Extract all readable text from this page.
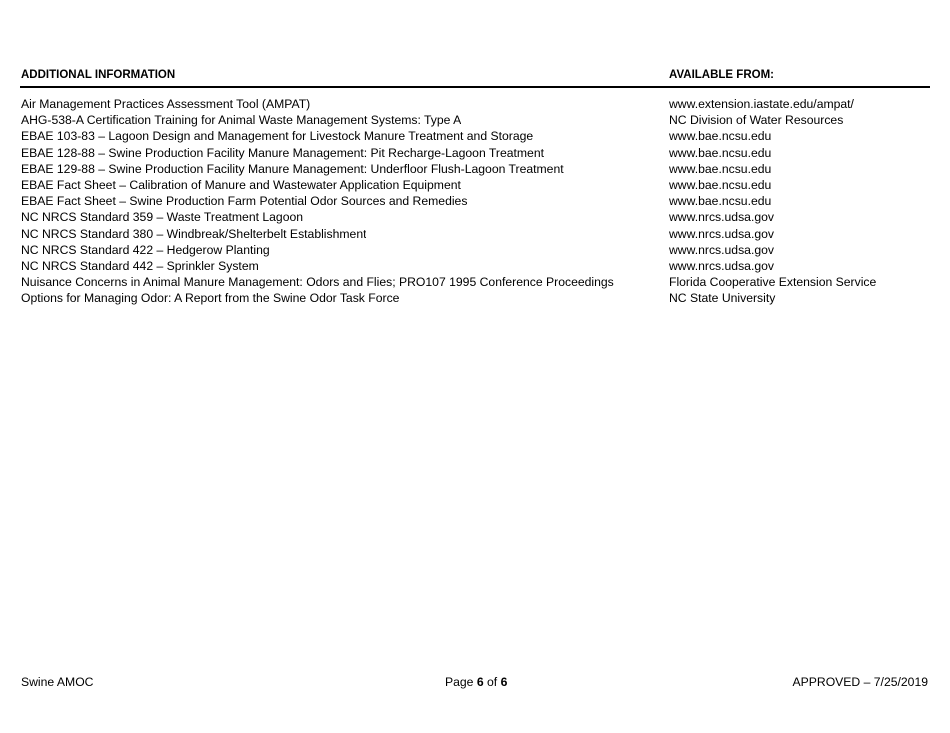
ADDITIONAL INFORMATION	AVAILABLE FROM:
Air Management Practices Assessment Tool (AMPAT)	www.extension.iastate.edu/ampat/
AHG-538-A Certification Training for Animal Waste Management Systems: Type A	NC Division of Water Resources
EBAE 103-83 – Lagoon Design and Management for Livestock Manure Treatment and Storage	www.bae.ncsu.edu
EBAE 128-88 – Swine Production Facility Manure Management: Pit Recharge-Lagoon Treatment	www.bae.ncsu.edu
EBAE 129-88 – Swine Production Facility Manure Management: Underfloor Flush-Lagoon Treatment	www.bae.ncsu.edu
EBAE Fact Sheet – Calibration of Manure and Wastewater Application Equipment	www.bae.ncsu.edu
EBAE Fact Sheet – Swine Production Farm Potential Odor Sources and Remedies	www.bae.ncsu.edu
NC NRCS Standard 359 – Waste Treatment Lagoon	www.nrcs.udsa.gov
NC NRCS Standard 380 – Windbreak/Shelterbelt Establishment	www.nrcs.udsa.gov
NC NRCS Standard 422 – Hedgerow Planting	www.nrcs.udsa.gov
NC NRCS Standard 442 – Sprinkler System	www.nrcs.udsa.gov
Nuisance Concerns in Animal Manure Management: Odors and Flies; PRO107 1995 Conference Proceedings	Florida Cooperative Extension Service
Options for Managing Odor: A Report from the Swine Odor Task Force	NC State University
Swine AMOC	Page 6 of 6	APPROVED – 7/25/2019
